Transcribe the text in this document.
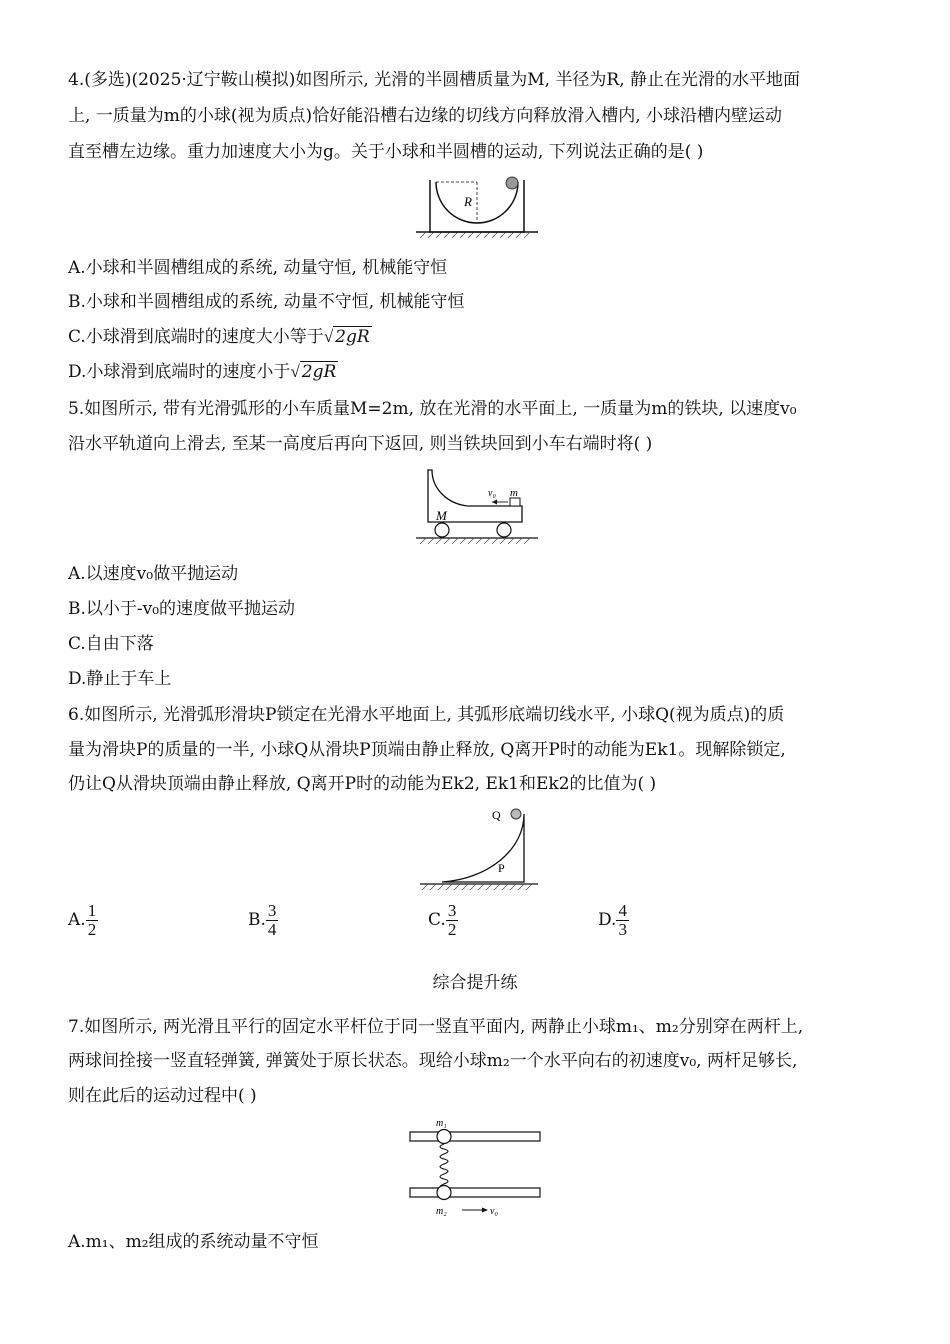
4.(多选)(2025·辽宁鞍山模拟)如图所示, 光滑的半圆槽质量为M, 半径为R, 静止在光滑的水平地面
上, 一质量为m的小球(视为质点)恰好能沿槽右边缘的切线方向释放滑入槽内, 小球沿槽内壁运动
直至槽左边缘。重力加速度大小为g。关于小球和半圆槽的运动, 下列说法正确的是( )
R
A.小球和半圆槽组成的系统, 动量守恒, 机械能守恒
B.小球和半圆槽组成的系统, 动量不守恒, 机械能守恒
C.小球滑到底端时的速度大小等于√ 2gR
D.小球滑到底端时的速度小于√ 2gR
5.如图所示, 带有光滑弧形的小车质量M=2m, 放在光滑的水平面上, 一质量为m的铁块, 以速度v₀
沿水平轨道向上滑去, 至某一高度后再向下返回, 则当铁块回到小车右端时将( )
M
v₀ m
A.以速度v₀做平抛运动
B.以小于-v₀的速度做平抛运动
C.自由下落
D.静止于车上
6.如图所示, 光滑弧形滑块P锁定在光滑水平地面上, 其弧形底端切线水平, 小球Q(视为质点)的质
量为滑块P的质量的一半, 小球Q从滑块P顶端由静止释放, Q离开P时的动能为Ek1。现解除锁定,
仍让Q从滑块顶端由静止释放, Q离开P时的动能为Ek2, Ek1和Ek2的比值为( )
Q
P
A. $\frac{1}{2}$	B. $\frac{3}{4}$	C. $\frac{3}{2}$	D. $\frac{4}{3}$
综合提升练
7.如图所示, 两光滑且平行的固定水平杆位于同一竖直平面内, 两静止小球m₁、m₂分别穿在两杆上,
两球间拴接一竖直轻弹簧, 弹簧处于原长状态。现给小球m₂一个水平向右的初速度v₀, 两杆足够长,
则在此后的运动过程中( )
m₁
m₂	v₀
A.m₁、m₂组成的系统动量不守恒
